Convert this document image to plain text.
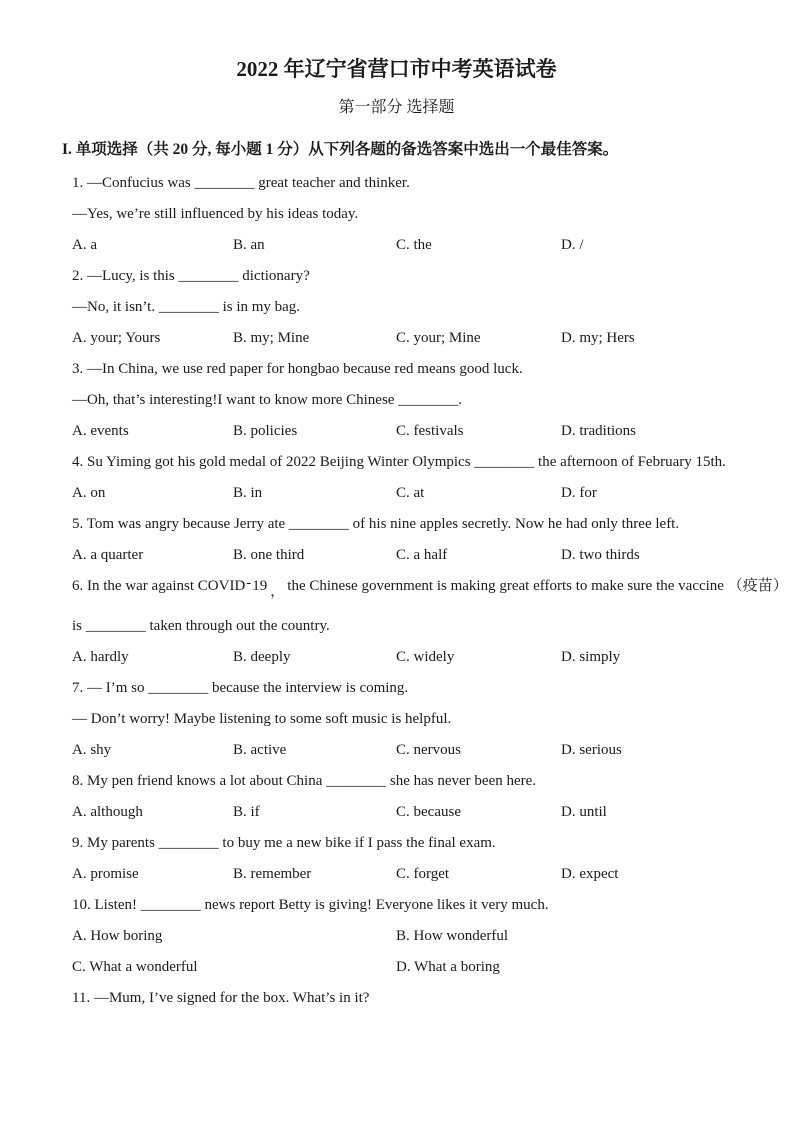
2022 年辽宁省营口市中考英语试卷
第一部分 选择题
I. 单项选择（共 20 分, 每小题 1 分）从下列各题的备选答案中选出一个最佳答案。

1. —Confucius was ________ great teacher and thinker.

—Yes, we’re still influenced by his ideas today.

A. a	B. an	C. the	D. /

2. —Lucy, is this ________ dictionary?

—No, it isn’t. ________ is in my bag.

A. your; Yours	B. my; Mine	C. your; Mine	D. my; Hers

3. —In China, we use red paper for hongbao because red means good luck.

—Oh, that’s interesting!I want to know more Chinese ________.

A. events	B. policies	C. festivals	D. traditions

4. Su Yiming got his gold medal of 2022 Beijing Winter Olympics ________ the afternoon of February 15th.

A. on	B. in	C. at	D. for

5. Tom was angry because Jerry ate ________ of his nine apples secretly. Now he had only three left.

A. a quarter	B. one third	C. a half	D. two thirds

6. In the war against COVID-19 ， the Chinese government is making great efforts to make sure the vaccine （疫苗）

is ________ taken through out the country.

A. hardly	B. deeply	C. widely	D. simply

7. — I’m so ________ because the interview is coming.

— Don’t worry! Maybe listening to some soft music is helpful.

A. shy	B. active	C. nervous	D. serious

8. My pen friend knows a lot about China ________ she has never been here.

A. although	B. if	C. because	D. until

9. My parents ________ to buy me a new bike if I pass the final exam.

A. promise	B. remember	C. forget	D. expect

10. Listen! ________ news report Betty is giving! Everyone likes it very much.

A. How boring	B. How wonderful
C. What a wonderful	D. What a boring

11. —Mum, I’ve signed for the box. What’s in it?
